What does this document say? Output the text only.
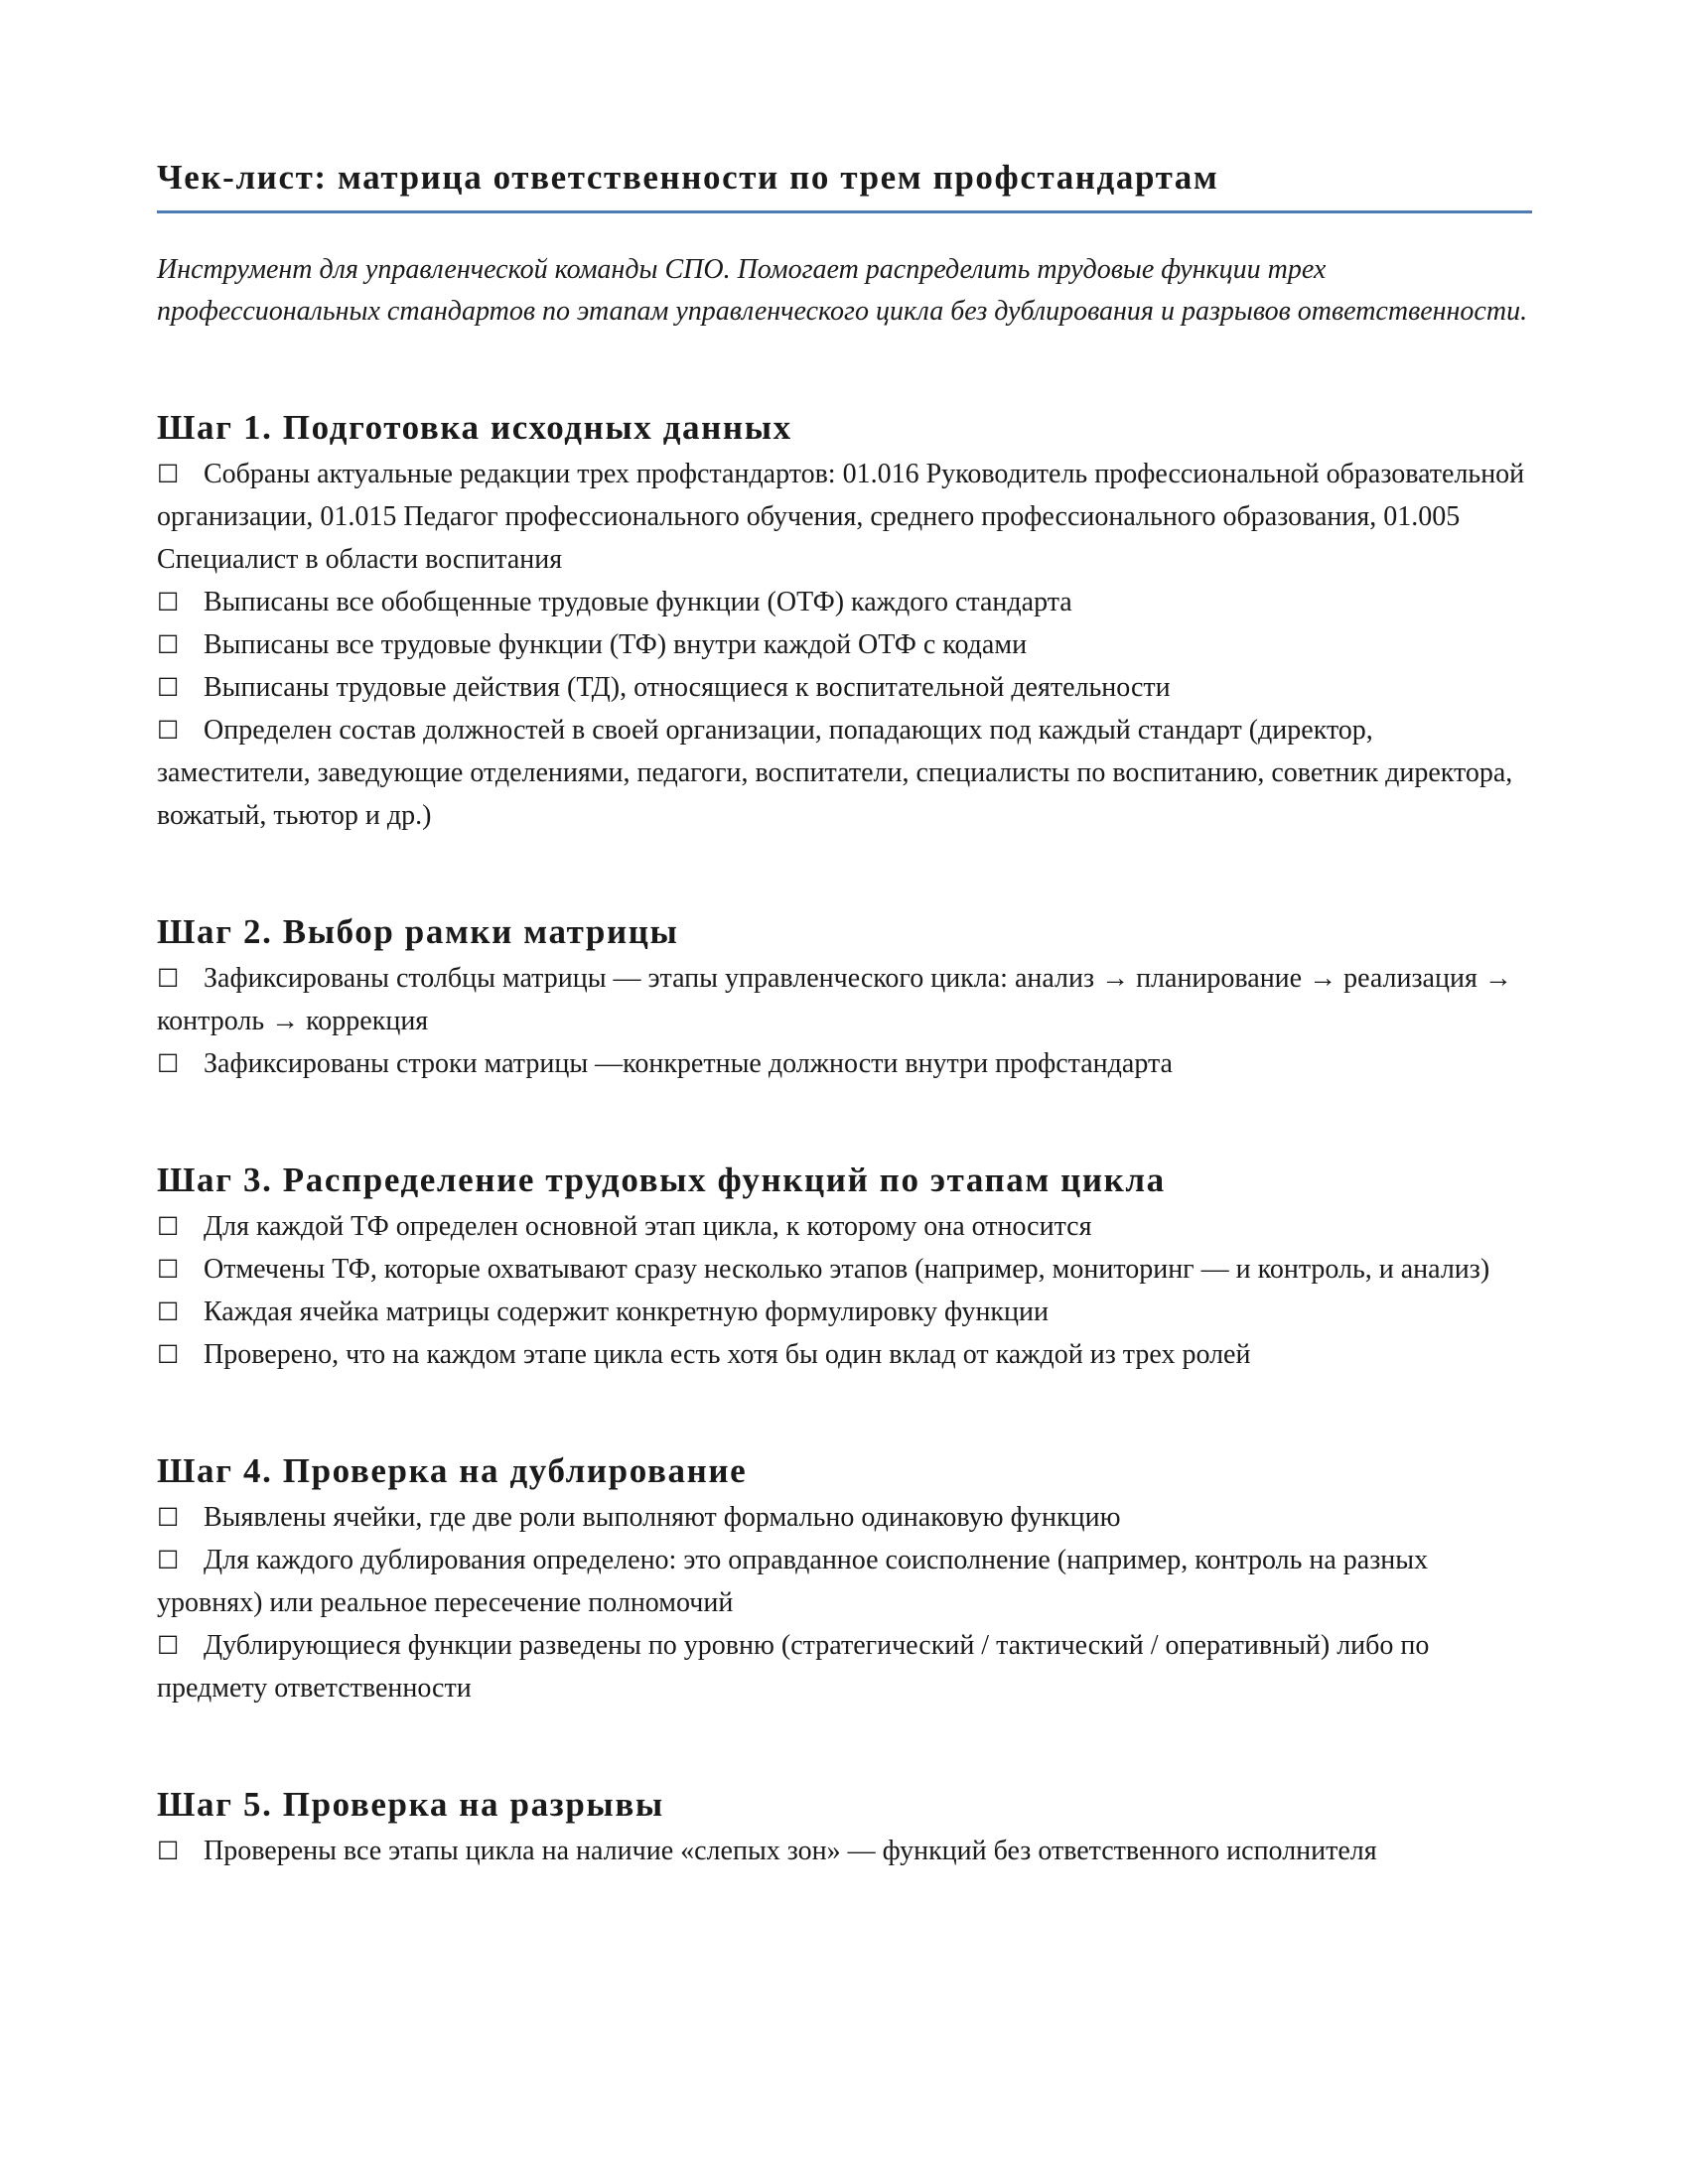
Чек-лист: матрица ответственности по трем профстандартам

Инструмент для управленческой команды СПО. Помогает распределить трудовые функции трех профессиональных стандартов по этапам управленческого цикла без дублирования и разрывов ответственности.

Шаг 1. Подготовка исходных данных
☐ Собраны актуальные редакции трех профстандартов: 01.016 Руководитель профессиональной образовательной организации, 01.015 Педагог профессионального обучения, среднего профессионального образования, 01.005 Специалист в области воспитания
☐ Выписаны все обобщенные трудовые функции (ОТФ) каждого стандарта
☐ Выписаны все трудовые функции (ТФ) внутри каждой ОТФ с кодами
☐ Выписаны трудовые действия (ТД), относящиеся к воспитательной деятельности
☐ Определен состав должностей в своей организации, попадающих под каждый стандарт (директор, заместители, заведующие отделениями, педагоги, воспитатели, специалисты по воспитанию, советник директора, вожатый, тьютор и др.)
Шаг 2. Выбор рамки матрицы
☐ Зафиксированы столбцы матрицы — этапы управленческого цикла: анализ → планирование → реализация → контроль → коррекция
☐ Зафиксированы строки матрицы —конкретные должности внутри профстандарта
Шаг 3. Распределение трудовых функций по этапам цикла
☐ Для каждой ТФ определен основной этап цикла, к которому она относится
☐ Отмечены ТФ, которые охватывают сразу несколько этапов (например, мониторинг — и контроль, и анализ)
☐ Каждая ячейка матрицы содержит конкретную формулировку функции
☐ Проверено, что на каждом этапе цикла есть хотя бы один вклад от каждой из трех ролей
Шаг 4. Проверка на дублирование
☐ Выявлены ячейки, где две роли выполняют формально одинаковую функцию
☐ Для каждого дублирования определено: это оправданное соисполнение (например, контроль на разных уровнях) или реальное пересечение полномочий
☐ Дублирующиеся функции разведены по уровню (стратегический / тактический / оперативный) либо по предмету ответственности
Шаг 5. Проверка на разрывы
☐ Проверены все этапы цикла на наличие «слепых зон» — функций без ответственного исполнителя
